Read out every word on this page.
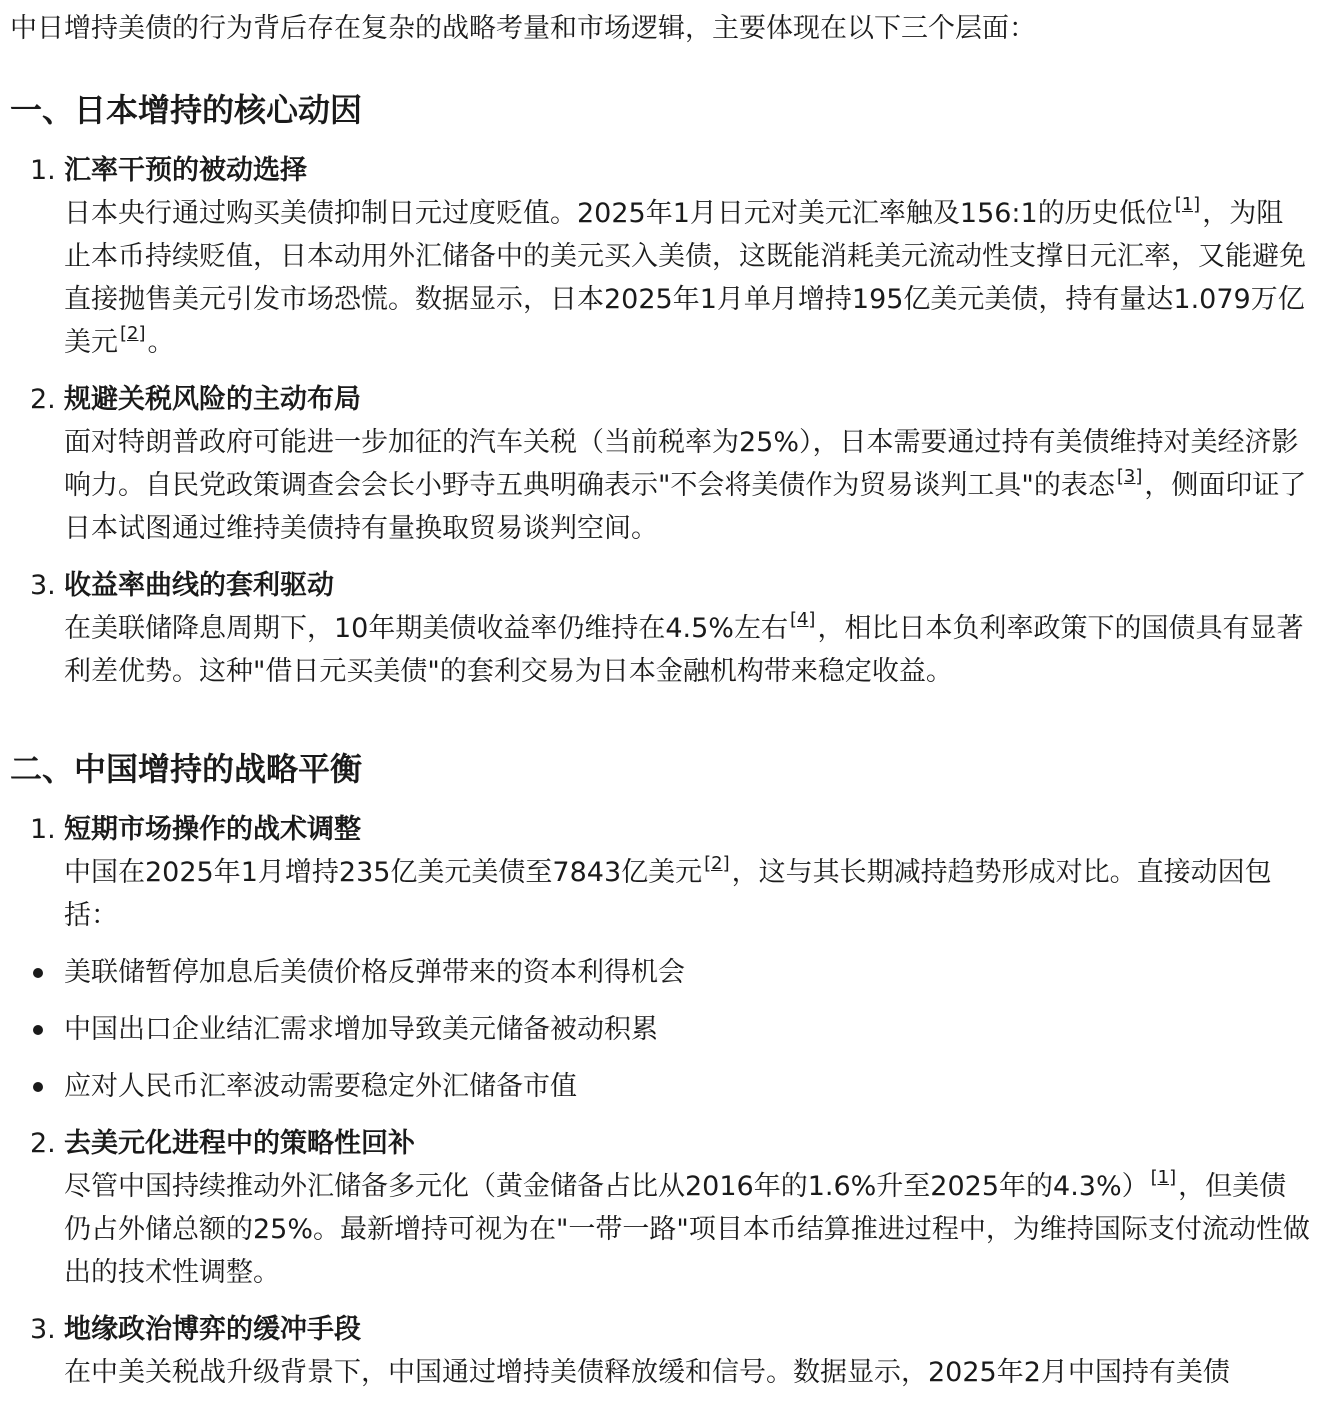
中日增持美债的行为背后存在复杂的战略考量和市场逻辑，主要体现在以下三个层面：

一、日本增持的核心动因
1. 汇率干预的被动选择
日本央行通过购买美债抑制日元过度贬值。2025年1月日元对美元汇率触及156:1的历史低位 [1]，为阻止本币持续贬值，日本动用外汇储备中的美元买入美债，这既能消耗美元流动性支撑日元汇率，又能避免直接抛售美元引发市场恐慌。数据显示，日本2025年1月单月增持195亿美元美债，持有量达1.079万亿美元 [2]。
2. 规避关税风险的主动布局
面对特朗普政府可能进一步加征的汽车关税（当前税率为25%），日本需要通过持有美债维持对美经济影响力。自民党政策调查会会长小野寺五典明确表示"不会将美债作为贸易谈判工具"的表态 [3]，侧面印证了日本试图通过维持美债持有量换取贸易谈判空间。
3. 收益率曲线的套利驱动
在美联储降息周期下，10年期美债收益率仍维持在4.5%左右 [4]，相比日本负利率政策下的国债具有显著利差优势。这种"借日元买美债"的套利交易为日本金融机构带来稳定收益。
二、中国增持的战略平衡
1. 短期市场操作的战术调整
中国在2025年1月增持235亿美元美债至7843亿美元 [2]，这与其长期减持趋势形成对比。直接动因包括：
美联储暂停加息后美债价格反弹带来的资本利得机会
中国出口企业结汇需求增加导致美元储备被动积累
应对人民币汇率波动需要稳定外汇储备市值
2. 去美元化进程中的策略性回补
尽管中国持续推动外汇储备多元化（黄金储备占比从2016年的1.6%升至2025年的4.3%） [1]，但美债仍占外储总额的25%。最新增持可视为在"一带一路"项目本币结算推进过程中，为维持国际支付流动性做出的技术性调整。
3. 地缘政治博弈的缓冲手段
在中美关税战升级背景下，中国通过增持美债释放缓和信号。数据显示，2025年2月中国持有美债
